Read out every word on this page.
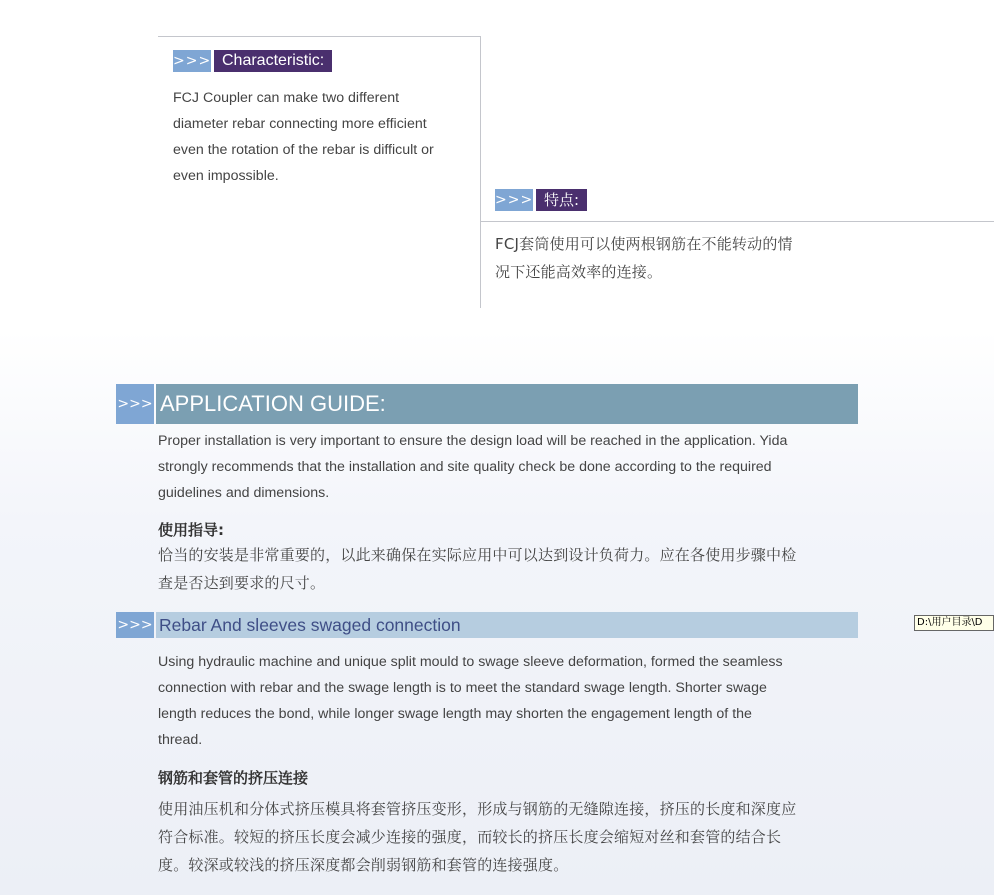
>>> Characteristic:
FCJ Coupler can make two different
diameter rebar connecting more efficient
even the rotation of the rebar is difficult or
even impossible.
>>> 特点:
FCJ套筒使用可以使两根钢筋在不能转动的情
况下还能高效率的连接。
>>> APPLICATION GUIDE:
Proper installation is very important to ensure the design load will be reached in the application. Yida
strongly recommends that the installation and site quality check be done according to the required
guidelines and dimensions.
使用指导:
恰当的安装是非常重要的，以此来确保在实际应用中可以达到设计负荷力。应在各使用步骤中检
查是否达到要求的尺寸。
>>> Rebar And sleeves swaged connection
Using hydraulic machine and unique split mould to swage sleeve deformation, formed the seamless
connection with rebar and the swage length is to meet the standard swage length. Shorter swage
length reduces the bond, while longer swage length may shorten the engagement length of the
thread.
钢筋和套管的挤压连接
使用油压机和分体式挤压模具将套管挤压变形，形成与钢筋的无缝隙连接，挤压的长度和深度应
符合标准。较短的挤压长度会减少连接的强度，而较长的挤压长度会缩短对丝和套管的结合长
度。较深或较浅的挤压深度都会削弱钢筋和套管的连接强度。
D:\用户目录\D
